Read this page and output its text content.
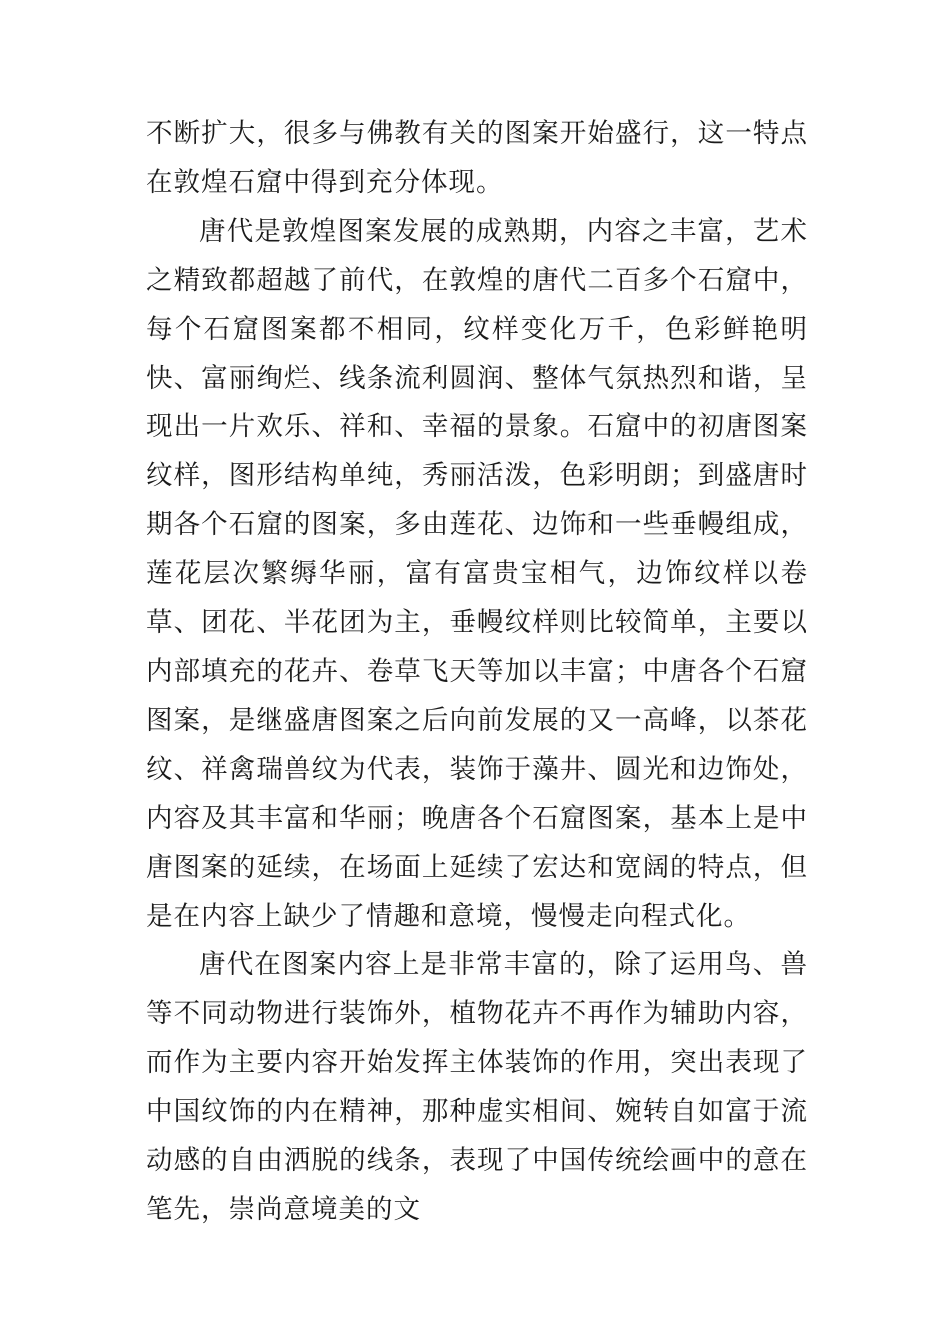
不断扩大，很多与佛教有关的图案开始盛行，这一特点在敦煌石窟中得到充分体现。

唐代是敦煌图案发展的成熟期，内容之丰富，艺术之精致都超越了前代，在敦煌的唐代二百多个石窟中，每个石窟图案都不相同，纹样变化万千，色彩鲜艳明快、富丽绚烂、线条流利圆润、整体气氛热烈和谐，呈现出一片欢乐、祥和、幸福的景象。石窟中的初唐图案纹样，图形结构单纯，秀丽活泼，色彩明朗；到盛唐时期各个石窟的图案，多由莲花、边饰和一些垂幔组成，莲花层次繁缛华丽，富有富贵宝相气，边饰纹样以卷草、团花、半花团为主，垂幔纹样则比较简单，主要以内部填充的花卉、卷草飞天等加以丰富；中唐各个石窟图案，是继盛唐图案之后向前发展的又一高峰，以茶花纹、祥禽瑞兽纹为代表，装饰于藻井、圆光和边饰处，内容及其丰富和华丽；晚唐各个石窟图案，基本上是中唐图案的延续，在场面上延续了宏达和宽阔的特点，但是在内容上缺少了情趣和意境，慢慢走向程式化。

唐代在图案内容上是非常丰富的，除了运用鸟、兽等不同动物进行装饰外，植物花卉不再作为辅助内容，而作为主要内容开始发挥主体装饰的作用，突出表现了中国纹饰的内在精神，那种虚实相间、婉转自如富于流动感的自由洒脱的线条，表现了中国传统绘画中的意在笔先，崇尚意境美的文
